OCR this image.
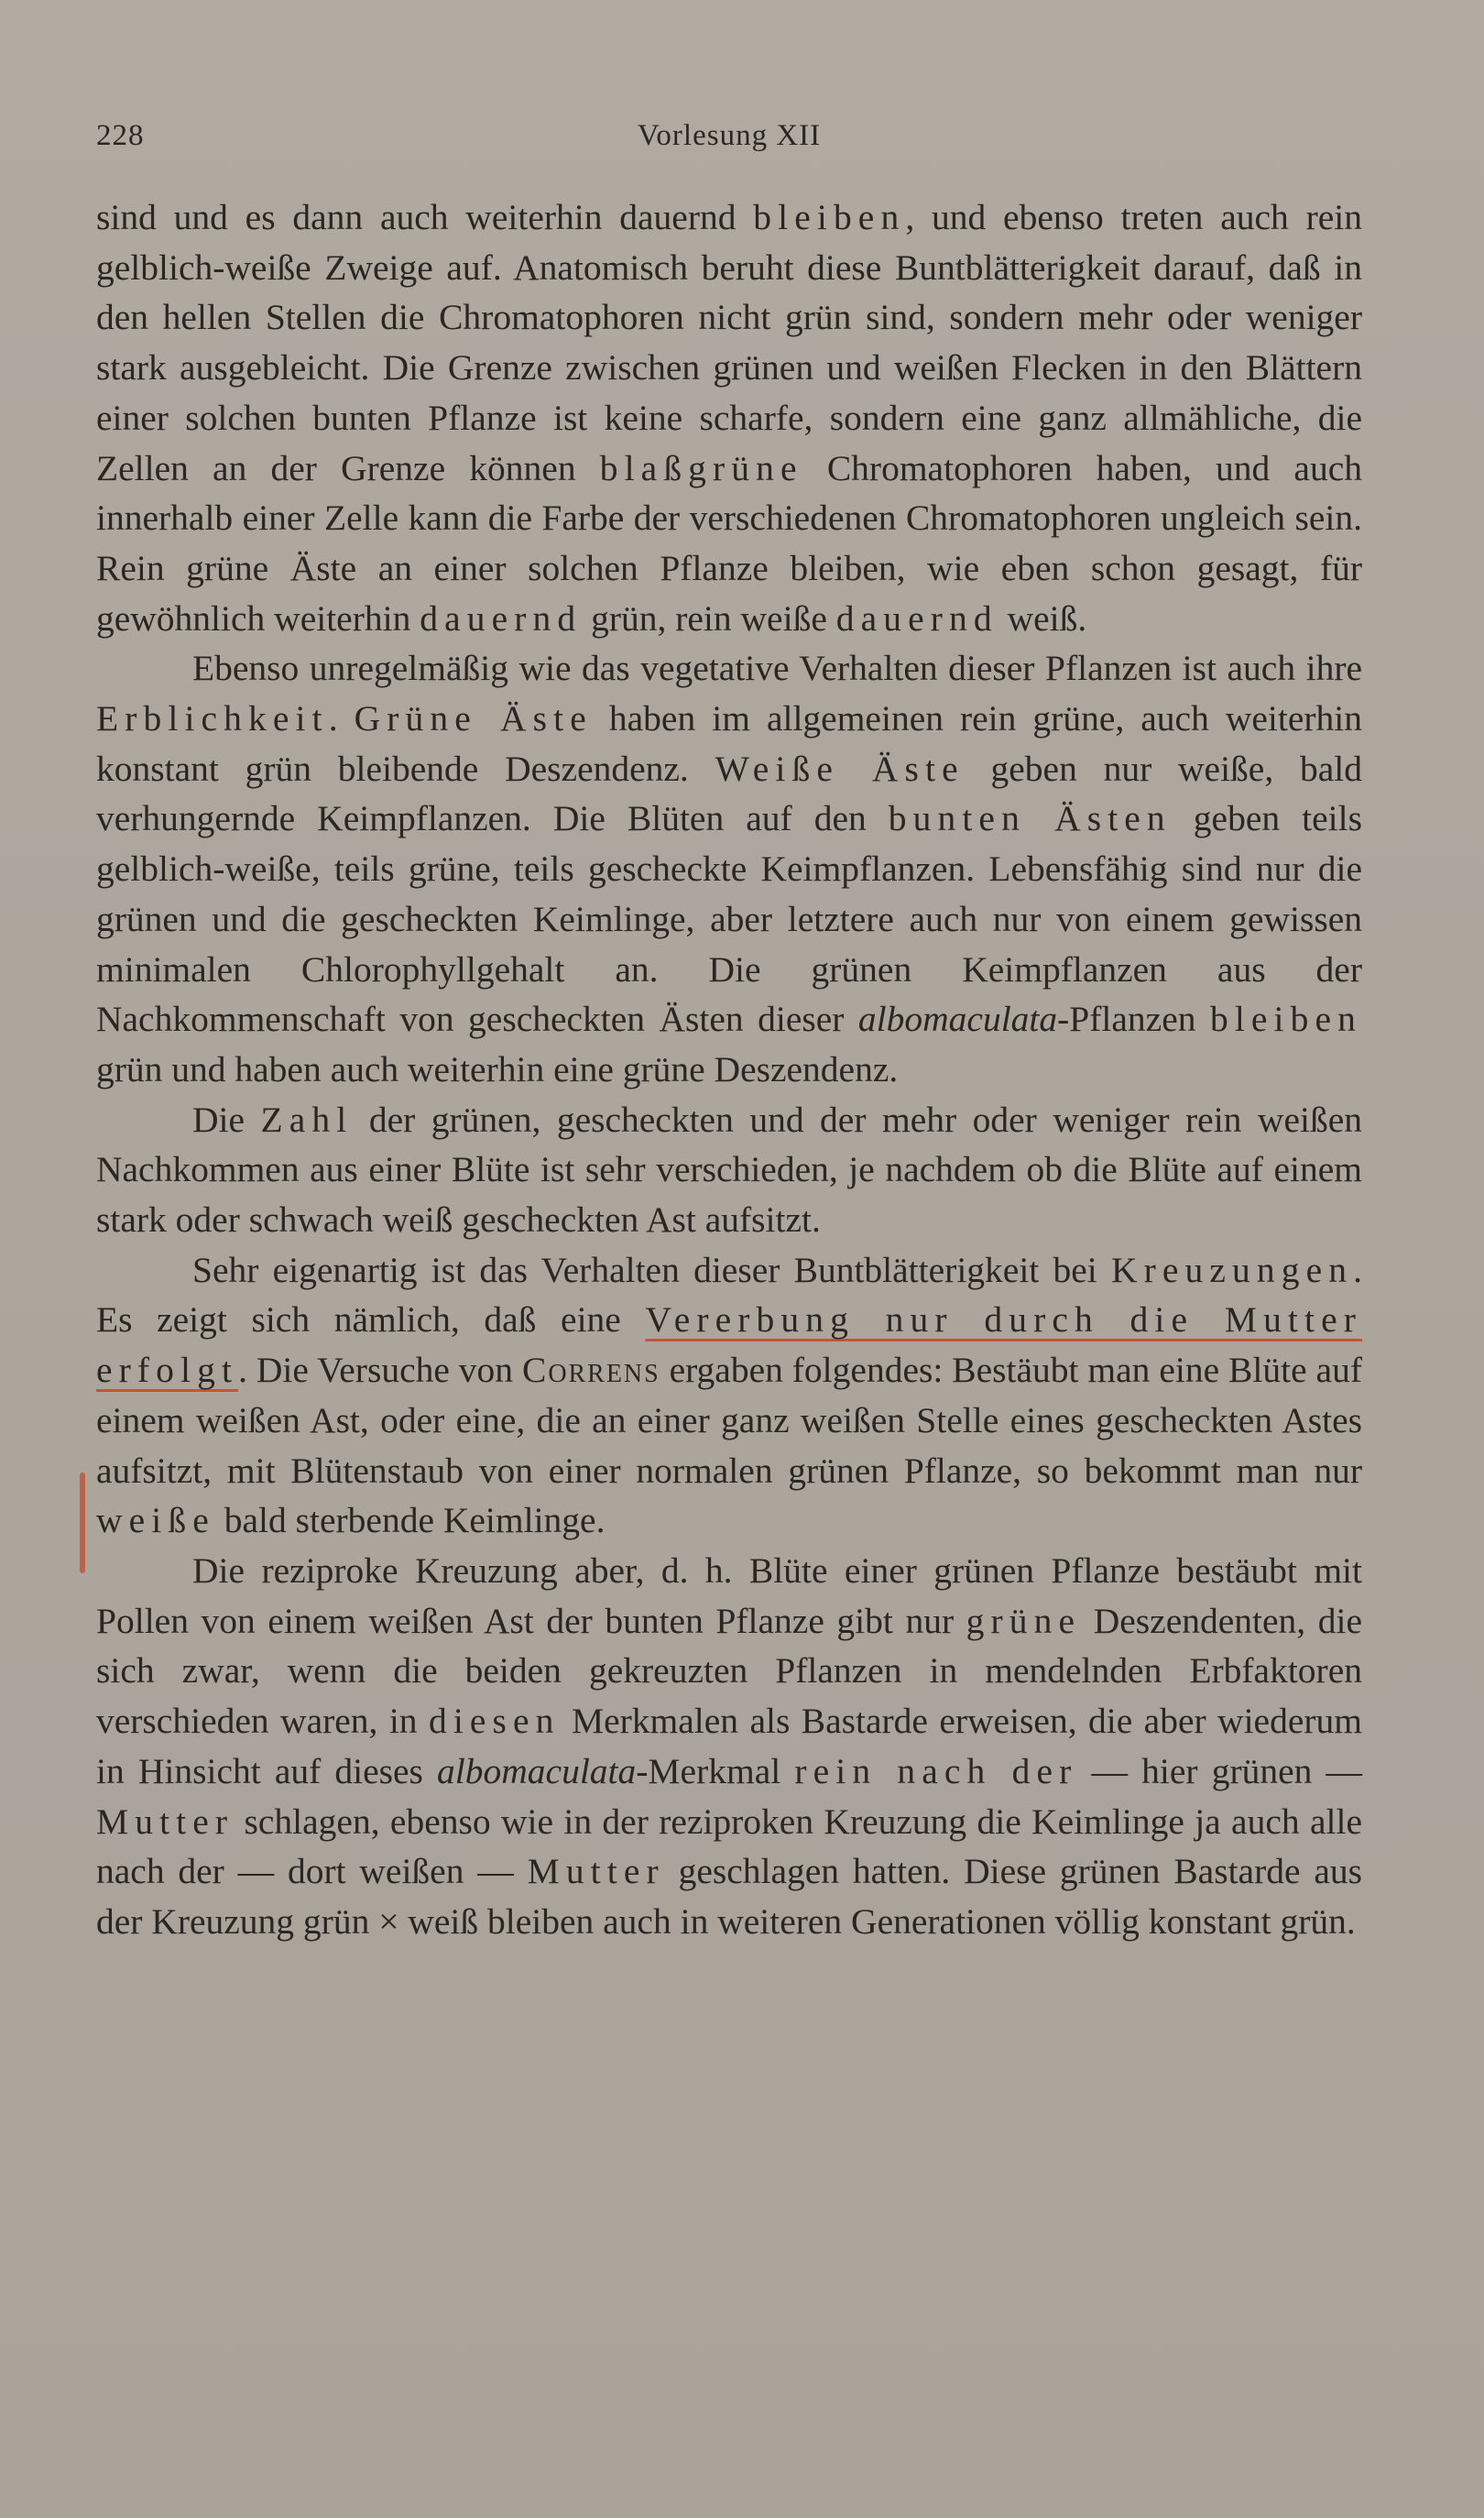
228	Vorlesung XII

sind und es dann auch weiterhin dauernd bleiben, und ebenso treten auch rein gelblich-weiße Zweige auf. Anatomisch beruht diese Buntblätterigkeit darauf, daß in den hellen Stellen die Chromatophoren nicht grün sind, sondern mehr oder weniger stark ausgebleicht. Die Grenze zwischen grünen und weißen Flecken in den Blättern einer solchen bunten Pflanze ist keine scharfe, sondern eine ganz allmähliche, die Zellen an der Grenze können blaßgrüne Chromatophoren haben, und auch innerhalb einer Zelle kann die Farbe der verschiedenen Chromatophoren ungleich sein. Rein grüne Äste an einer solchen Pflanze bleiben, wie eben schon gesagt, für gewöhnlich weiterhin dauernd grün, rein weiße dauernd weiß.

Ebenso unregelmäßig wie das vegetative Verhalten dieser Pflanzen ist auch ihre Erblichkeit. Grüne Äste haben im allgemeinen rein grüne, auch weiterhin konstant grün bleibende Deszendenz. Weiße Äste geben nur weiße, bald verhungernde Keimpflanzen. Die Blüten auf den bunten Ästen geben teils gelblich-weiße, teils grüne, teils gescheckte Keimpflanzen. Lebensfähig sind nur die grünen und die gescheckten Keimlinge, aber letztere auch nur von einem gewissen minimalen Chlorophyllgehalt an. Die grünen Keimpflanzen aus der Nachkommenschaft von gescheckten Ästen dieser albomaculata-Pflanzen bleiben grün und haben auch weiterhin eine grüne Deszendenz.

Die Zahl der grünen, gescheckten und der mehr oder weniger rein weißen Nachkommen aus einer Blüte ist sehr verschieden, je nachdem ob die Blüte auf einem stark oder schwach weiß gescheckten Ast aufsitzt.

Sehr eigenartig ist das Verhalten dieser Buntblätterigkeit bei Kreuzungen. Es zeigt sich nämlich, daß eine Vererbung nur durch die Mutter erfolgt. Die Versuche von Correns ergaben folgendes: Bestäubt man eine Blüte auf einem weißen Ast, oder eine, die an einer ganz weißen Stelle eines gescheckten Astes aufsitzt, mit Blütenstaub von einer normalen grünen Pflanze, so bekommt man nur weiße bald sterbende Keimlinge.

Die reziproke Kreuzung aber, d. h. Blüte einer grünen Pflanze bestäubt mit Pollen von einem weißen Ast der bunten Pflanze gibt nur grüne Deszendenten, die sich zwar, wenn die beiden gekreuzten Pflanzen in mendelnden Erbfaktoren verschieden waren, in diesen Merkmalen als Bastarde erweisen, die aber wiederum in Hinsicht auf dieses albomaculata-Merkmal rein nach der — hier grünen — Mutter schlagen, ebenso wie in der reziproken Kreuzung die Keimlinge ja auch alle nach der — dort weißen — Mutter geschlagen hatten. Diese grünen Bastarde aus der Kreuzung grün × weiß bleiben auch in weiteren Generationen völlig konstant grün.
